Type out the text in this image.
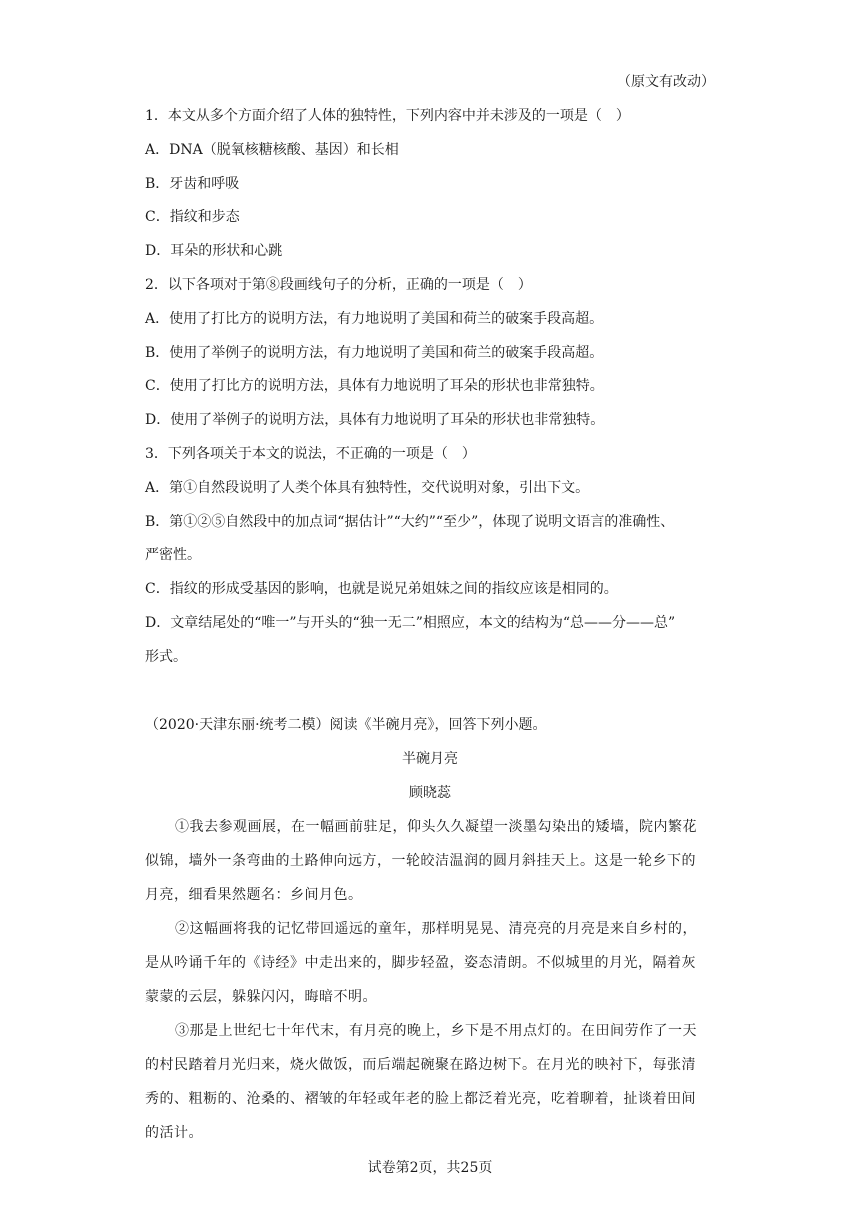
（原文有改动）
1．本文从多个方面介绍了人体的独特性，下列内容中并未涉及的一项是（　）
A．DNA（脱氧核糖核酸、基因）和长相
B．牙齿和呼吸
C．指纹和步态
D．耳朵的形状和心跳
2．以下各项对于第⑧段画线句子的分析，正确的一项是（　）
A．使用了打比方的说明方法，有力地说明了美国和荷兰的破案手段高超。
B．使用了举例子的说明方法，有力地说明了美国和荷兰的破案手段高超。
C．使用了打比方的说明方法，具体有力地说明了耳朵的形状也非常独特。
D．使用了举例子的说明方法，具体有力地说明了耳朵的形状也非常独特。
3．下列各项关于本文的说法，不正确的一项是（　）
A．第①自然段说明了人类个体具有独特性，交代说明对象，引出下文。
B．第①②⑤自然段中的加点词“据估计”“大约”“至少”，体现了说明文语言的准确性、
严密性。
C．指纹的形成受基因的影响，也就是说兄弟姐妹之间的指纹应该是相同的。
D．文章结尾处的“唯一”与开头的“独一无二”相照应，本文的结构为“总——分——总”
形式。
（2020·天津东丽·统考二模）阅读《半碗月亮》，回答下列小题。
半碗月亮
顾晓蕊
①我去参观画展，在一幅画前驻足，仰头久久凝望一淡墨勾染出的矮墙，院内繁花
似锦，墙外一条弯曲的土路伸向远方，一轮皎洁温润的圆月斜挂天上。这是一轮乡下的
月亮，细看果然题名：乡间月色。
②这幅画将我的记忆带回遥远的童年，那样明晃晃、清亮亮的月亮是来自乡村的，
是从吟诵千年的《诗经》中走出来的，脚步轻盈，姿态清朗。不似城里的月光，隔着灰
蒙蒙的云层，躲躲闪闪，晦暗不明。
③那是上世纪七十年代末，有月亮的晚上，乡下是不用点灯的。在田间劳作了一天
的村民踏着月光归来，烧火做饭，而后端起碗聚在路边树下。在月光的映衬下，每张清
秀的、粗粝的、沧桑的、褶皱的年轻或年老的脸上都泛着光亮，吃着聊着，扯谈着田间
的活计。
试卷第2页，共25页
